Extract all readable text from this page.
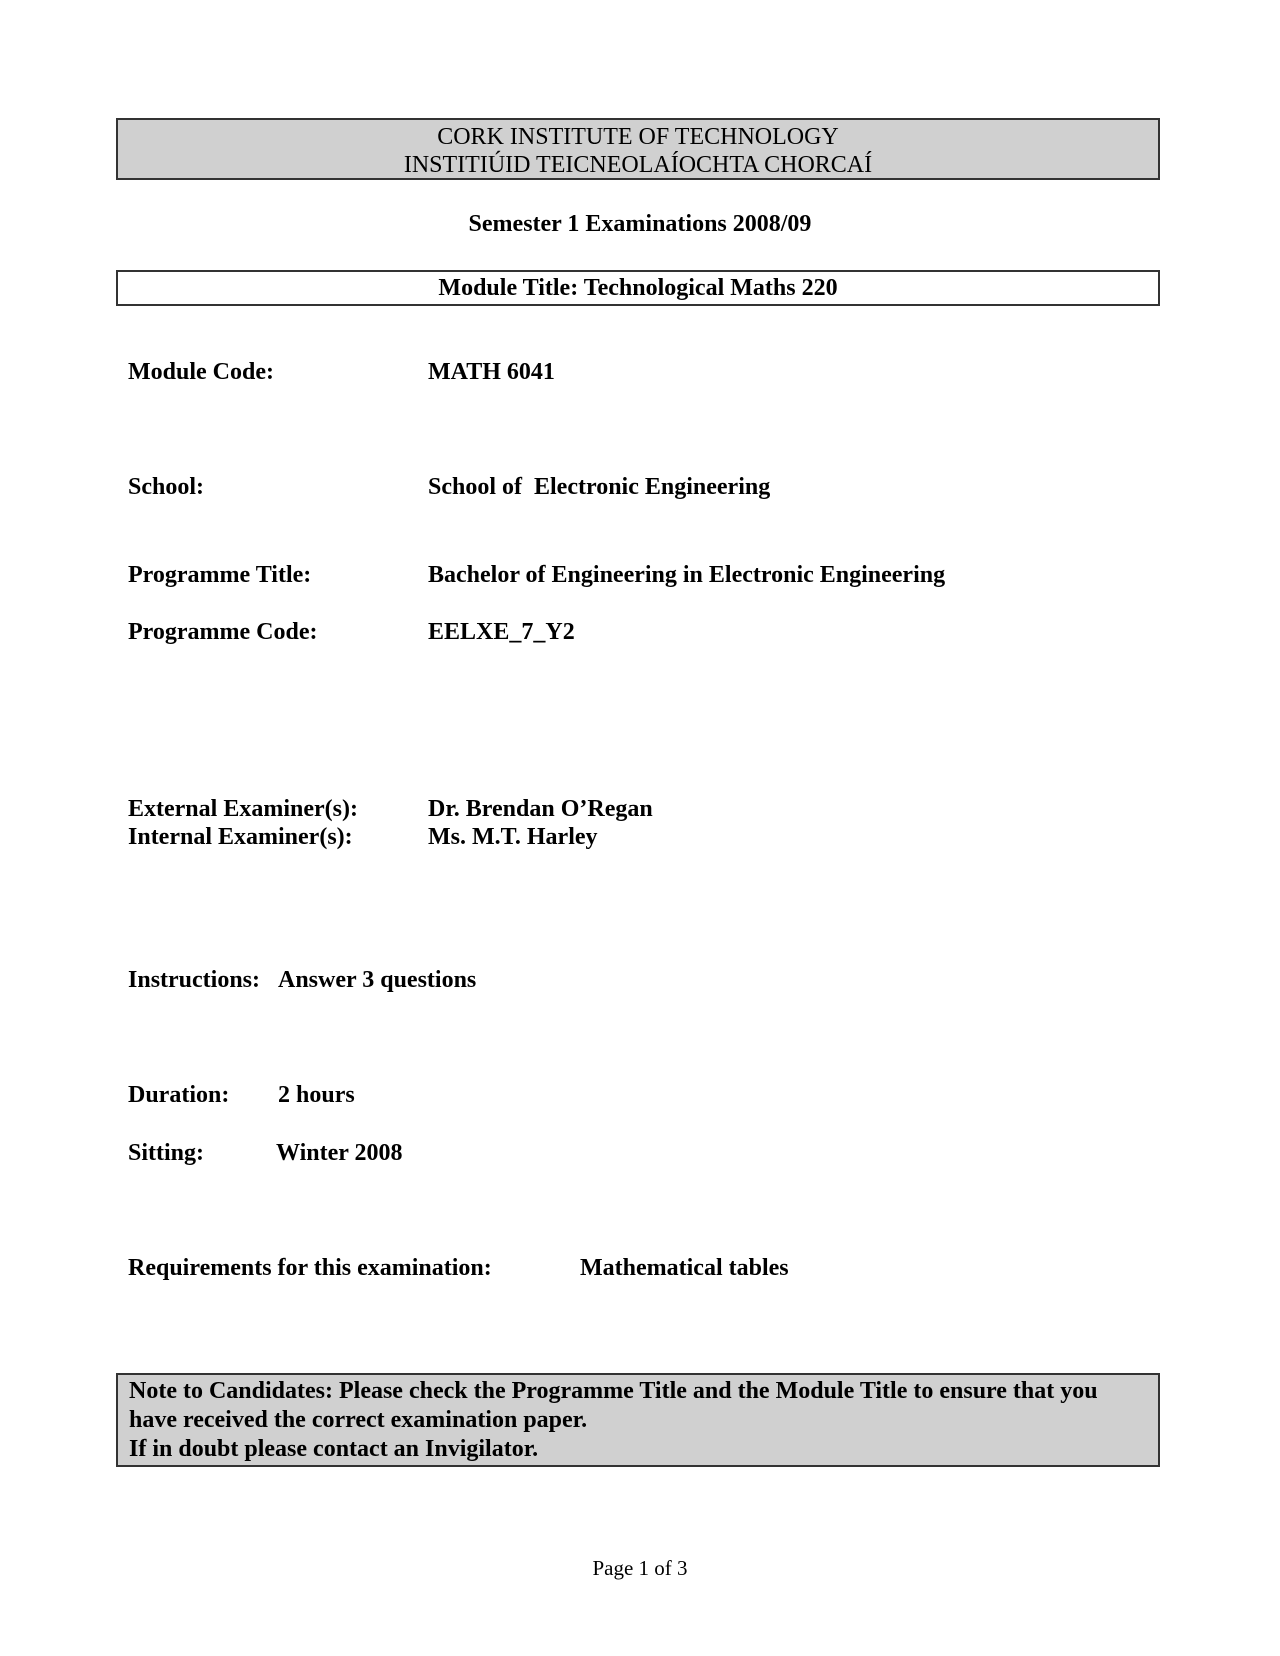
CORK INSTITUTE OF TECHNOLOGY
INSTITIÚID TEICNEOLAÍOCHTA CHORCAÍ
Semester 1 Examinations 2008/09
Module Title: Technological Maths 220
Module Code:	MATH 6041
School:	School of  Electronic Engineering
Programme Title:	Bachelor of Engineering in Electronic Engineering
Programme Code:	EELXE_7_Y2
External Examiner(s):	Dr. Brendan O’Regan
Internal Examiner(s):	Ms. M.T. Harley
Instructions: Answer 3 questions
Duration: 2 hours
Sitting:	Winter 2008
Requirements for this examination:	Mathematical tables
Note to Candidates: Please check the Programme Title and the Module Title to ensure that you
have received the correct examination paper.
If in doubt please contact an Invigilator.
Page 1 of 3
